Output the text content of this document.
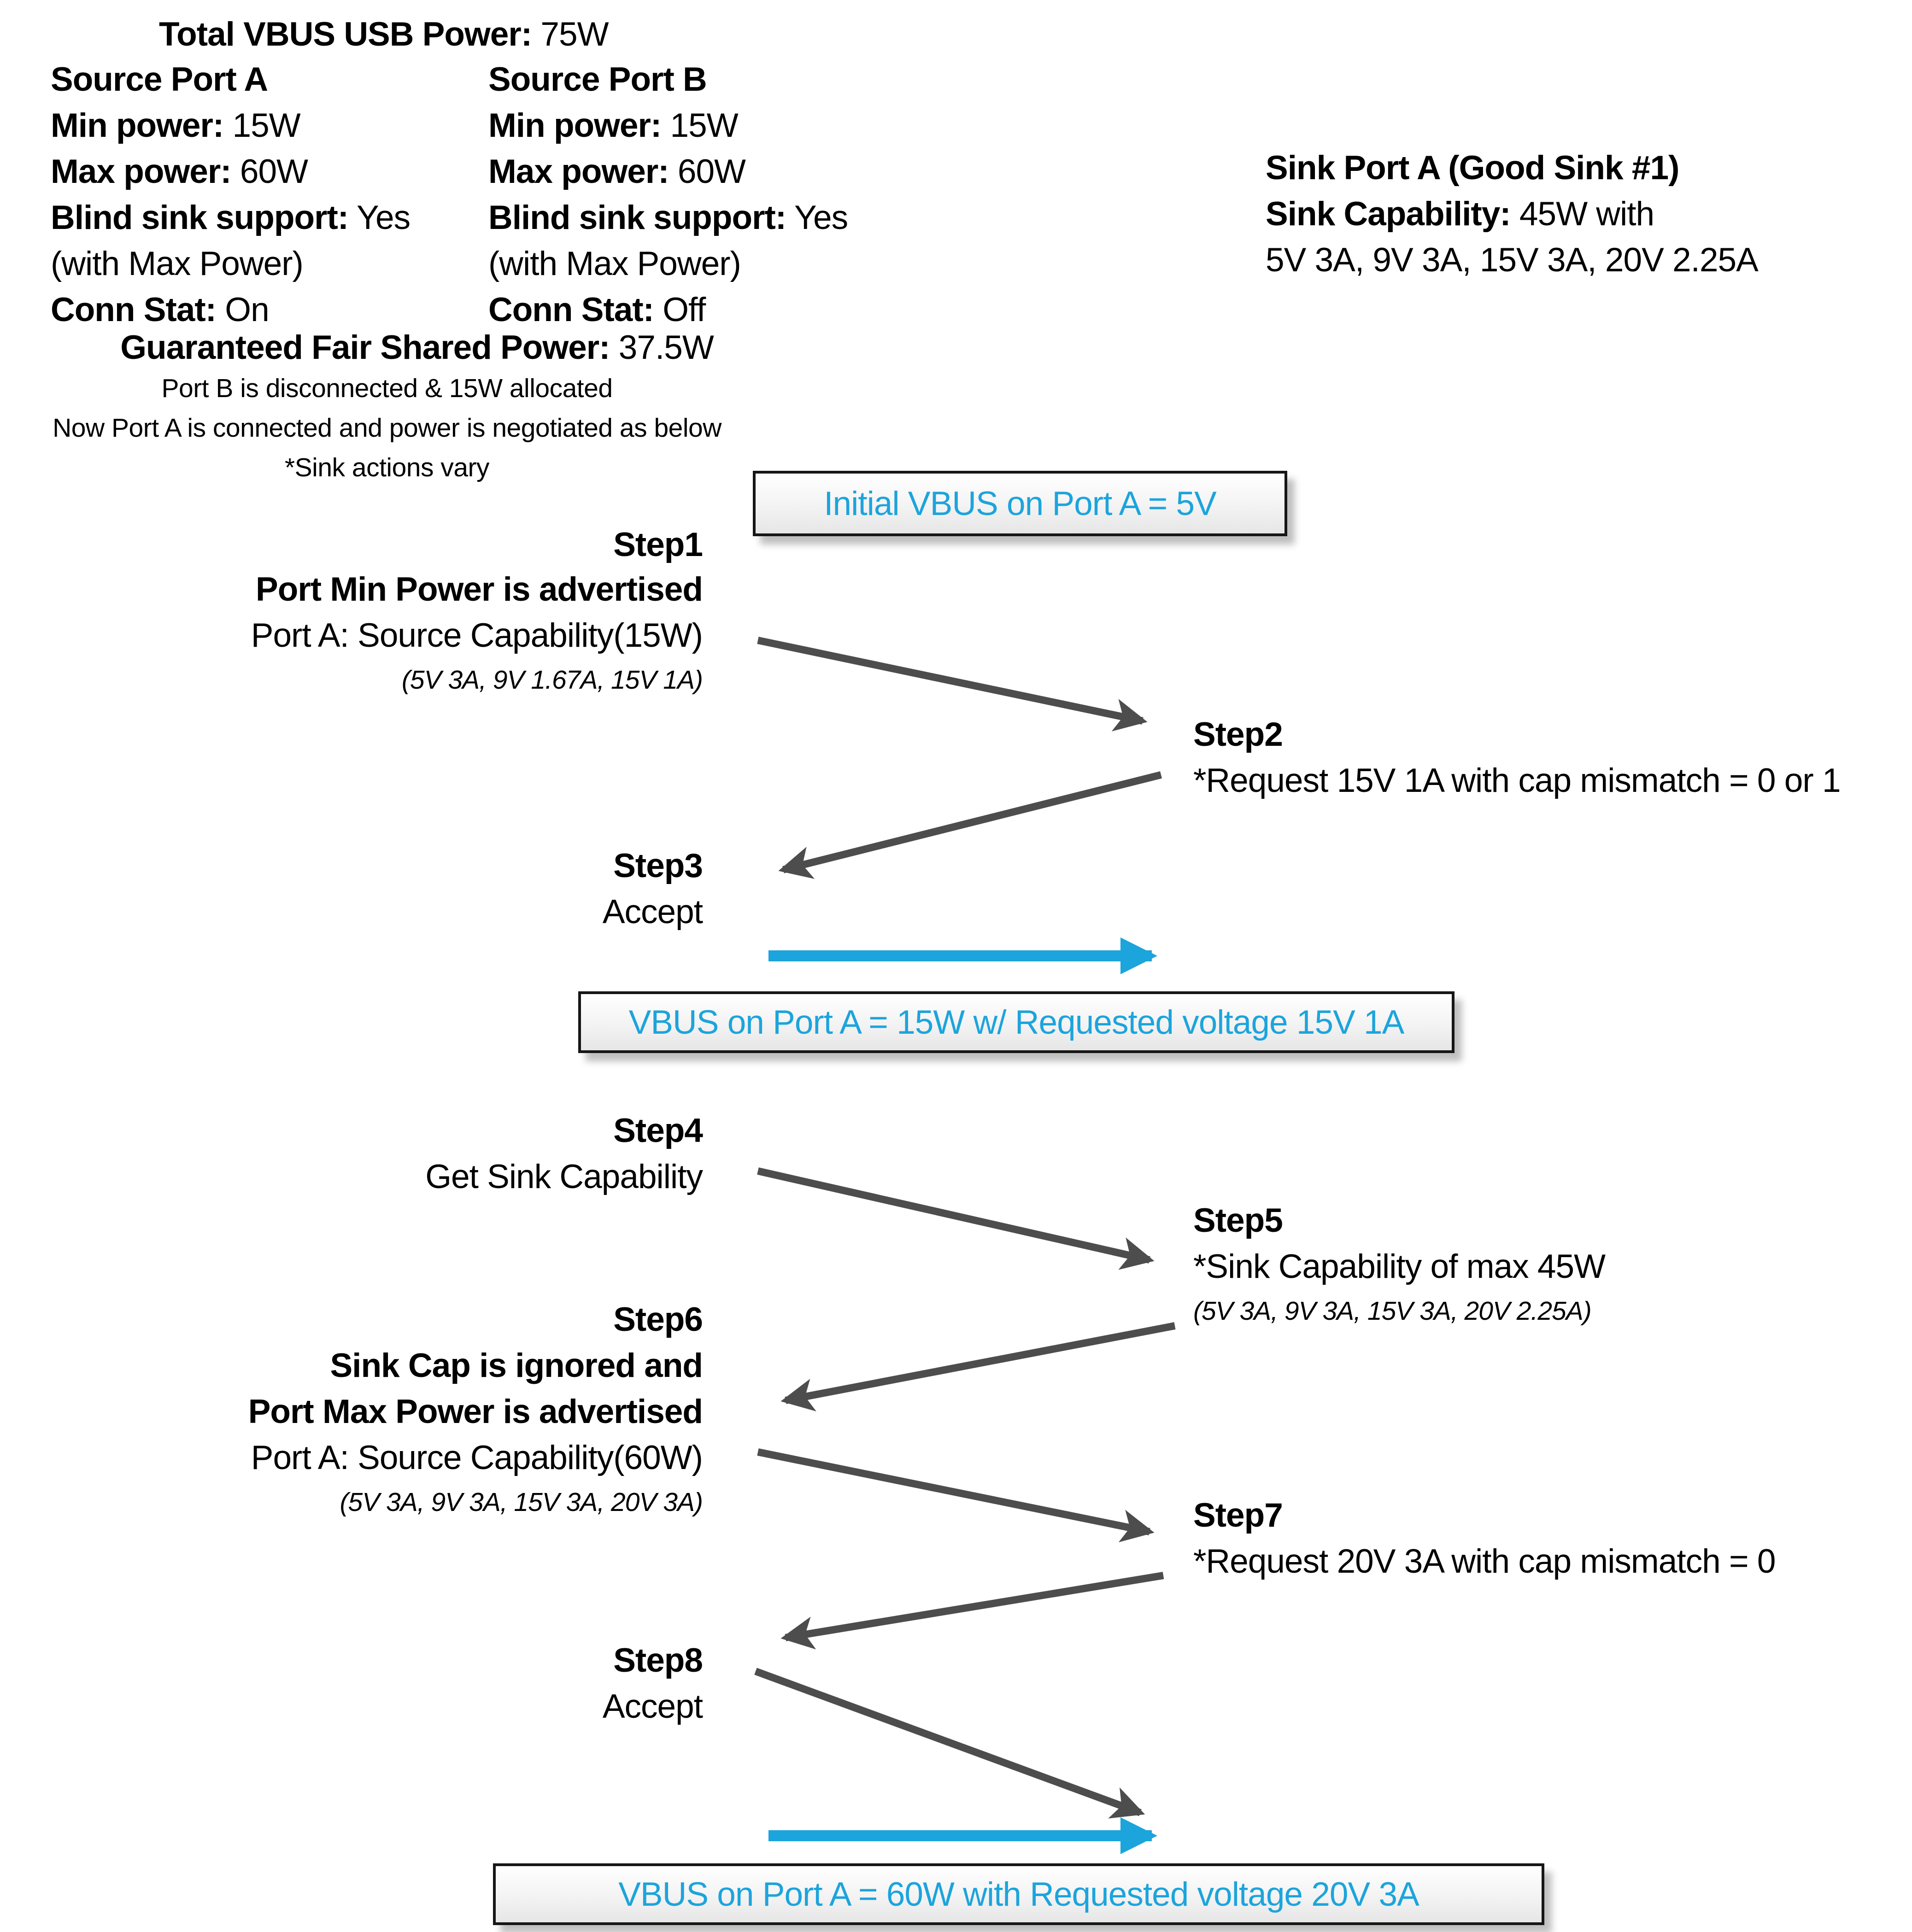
Total VBUS USB Power: 75W
Source Port A
Min power: 15W
Max power: 60W
Blind sink support: Yes
(with Max Power)
Conn Stat: On
Source Port B
Min power: 15W
Max power: 60W
Blind sink support: Yes
(with Max Power)
Conn Stat: Off
Sink Port A (Good Sink #1)
Sink Capability: 45W with
5V 3A, 9V 3A, 15V 3A, 20V 2.25A
Guaranteed Fair Shared Power: 37.5W
Port B is disconnected & 15W allocated
Now Port A is connected and power is negotiated as below
*Sink actions vary
Initial VBUS on Port A = 5V
Step1
Port Min Power is advertised
Port A: Source Capability(15W)
(5V 3A, 9V 1.67A, 15V 1A)
Step2
*Request 15V 1A with cap mismatch = 0 or 1
Step3
Accept
VBUS on Port A = 15W w/ Requested voltage 15V 1A
Step4
Get Sink Capability
Step5
*Sink Capability of max 45W
(5V 3A, 9V 3A, 15V 3A, 20V 2.25A)
Step6
Sink Cap is ignored and
Port Max Power is advertised
Port A: Source Capability(60W)
(5V 3A, 9V 3A, 15V 3A, 20V 3A)	Step7
*Request 20V 3A with cap mismatch = 0
Step8
Accept
VBUS on Port A = 60W with Requested voltage 20V 3A
